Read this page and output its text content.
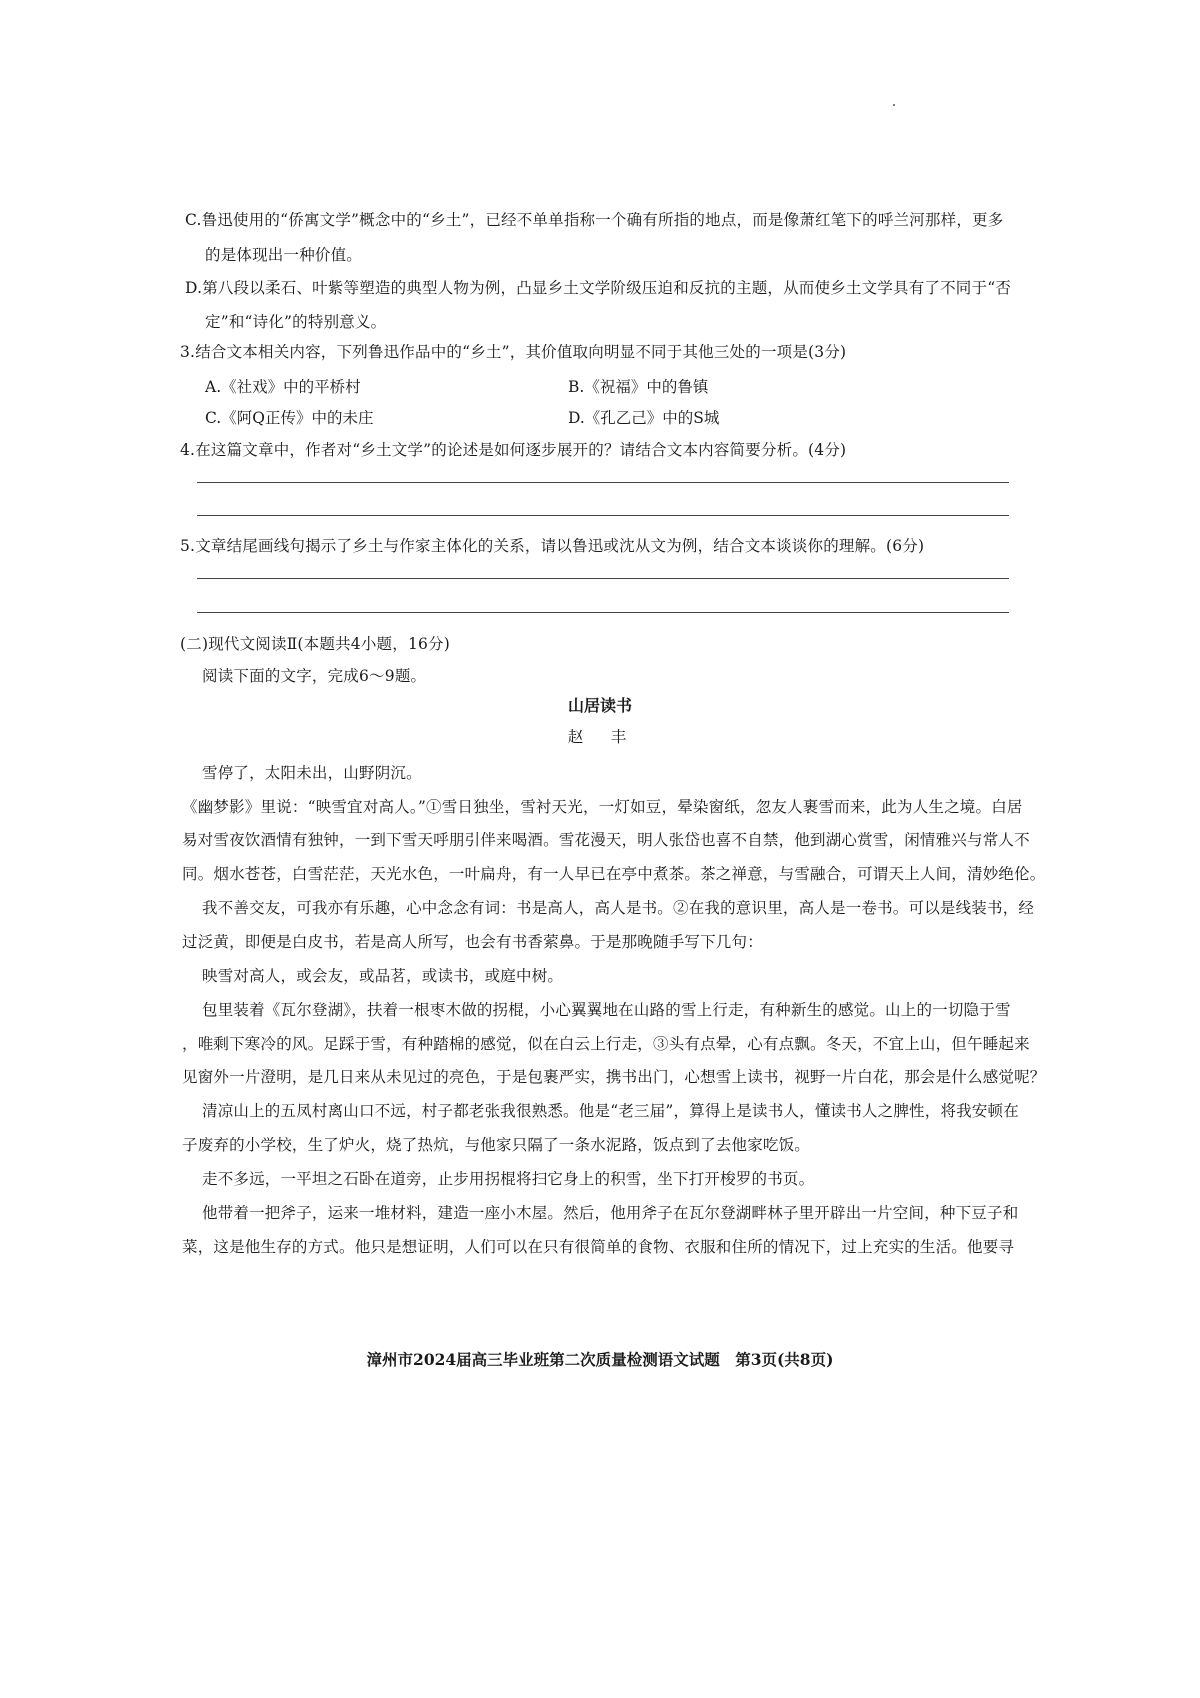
C.鲁迅使用的“侨寓文学”概念中的“乡土”，已经不单单指称一个确有所指的地点，而是像萧红笔下的呼兰河那样，更多
的是体现出一种价值。
D.第八段以柔石、叶紫等塑造的典型人物为例，凸显乡土文学阶级压迫和反抗的主题，从而使乡土文学具有了不同于“否
定”和“诗化”的特别意义。
3.结合文本相关内容，下列鲁迅作品中的“乡土”，其价值取向明显不同于其他三处的一项是(3分)
A.《社戏》中的平桥村	B.《祝福》中的鲁镇
C.《阿Q正传》中的未庄	D.《孔乙己》中的S城
4.在这篇文章中，作者对“乡土文学”的论述是如何逐步展开的？请结合文本内容简要分析。(4分)
5.文章结尾画线句揭示了乡土与作家主体化的关系，请以鲁迅或沈从文为例，结合文本谈谈你的理解。(6分)
(二)现代文阅读Ⅱ(本题共4小题，16分)
阅读下面的文字，完成6～9题。
山居读书
赵　丰
雪停了，太阳未出，山野阴沉。
《幽梦影》里说：“映雪宜对高人。”①雪日独坐，雪衬天光，一灯如豆，晕染窗纸，忽友人裹雪而来，此为人生之境。白居
易对雪夜饮酒情有独钟，一到下雪天呼朋引伴来喝酒。雪花漫天，明人张岱也喜不自禁，他到湖心赏雪，闲情雅兴与常人不
同。烟水苍苍，白雪茫茫，天光水色，一叶扁舟，有一人早已在亭中煮茶。茶之禅意，与雪融合，可谓天上人间，清妙绝伦。
我不善交友，可我亦有乐趣，心中念念有词：书是高人，高人是书。②在我的意识里，高人是一卷书。可以是线装书，经
过泛黄，即便是白皮书，若是高人所写，也会有书香萦鼻。于是那晚随手写下几句：
映雪对高人，或会友，或品茗，或读书，或庭中树。
包里装着《瓦尔登湖》，扶着一根枣木做的拐棍，小心翼翼地在山路的雪上行走，有种新生的感觉。山上的一切隐于雪
，唯剩下寒冷的风。足踩于雪，有种踏棉的感觉，似在白云上行走，③头有点晕，心有点飘。冬天，不宜上山，但午睡起来
见窗外一片澄明，是几日来从未见过的亮色，于是包裹严实，携书出门，心想雪上读书，视野一片白花，那会是什么感觉呢？
清凉山上的五凤村离山口不远，村子都老张我很熟悉。他是“老三届”，算得上是读书人，懂读书人之脾性，将我安顿在
子废弃的小学校，生了炉火，烧了热炕，与他家只隔了一条水泥路，饭点到了去他家吃饭。
走不多远，一平坦之石卧在道旁，止步用拐棍将扫它身上的积雪，坐下打开梭罗的书页。
他带着一把斧子，运来一堆材料，建造一座小木屋。然后，他用斧子在瓦尔登湖畔林子里开辟出一片空间，种下豆子和
菜，这是他生存的方式。他只是想证明，人们可以在只有很简单的食物、衣服和住所的情况下，过上充实的生活。他要寻
漳州市2024届高三毕业班第二次质量检测语文试题　第3页(共8页)
